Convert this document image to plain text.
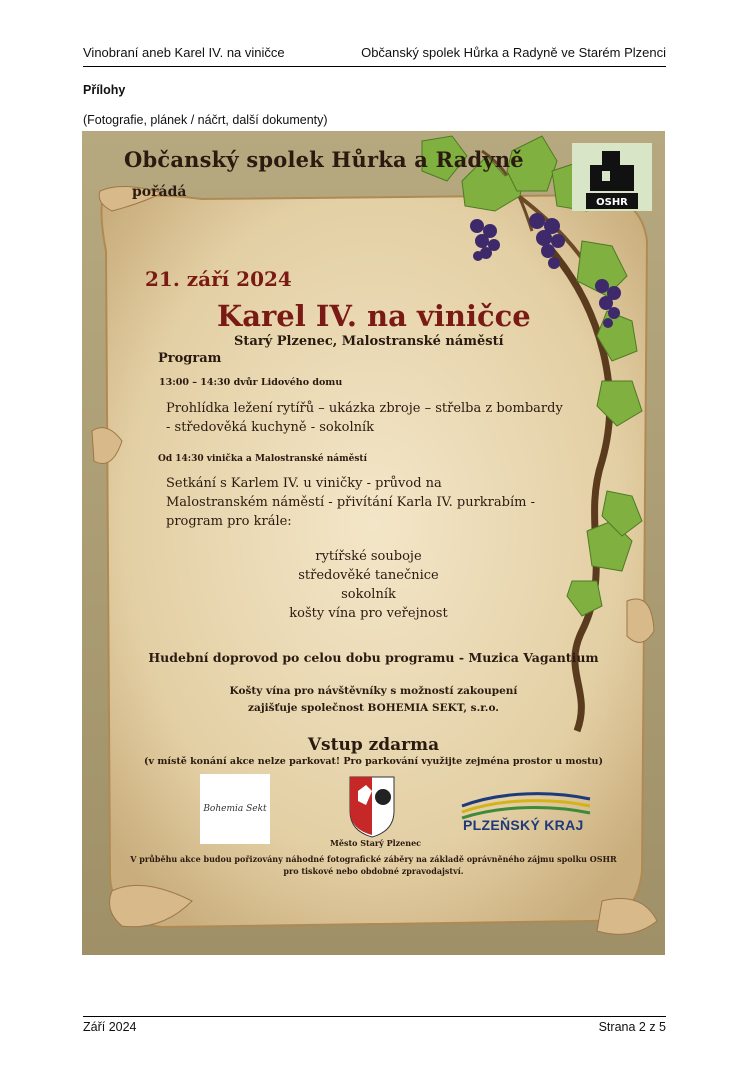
Vinobraní aneb Karel IV. na viničce	Občanský spolek Hůrka a Radyně ve Starém Plzenci
Přílohy
(Fotografie, plánek / náčrt, další dokumenty)
OSHR
Občanský spolek Hůrka a Radyně
pořádá
21. září 2024
Karel IV. na viničce
Starý Plzenec, Malostranské náměstí
Program
13:00 – 14:30 dvůr Lidového domu
Prohlídka ležení rytířů – ukázka zbroje – střelba z bombardy
- středověká kuchyně - sokolník
Od 14:30 vinička a Malostranské náměstí
Setkání s Karlem IV. u viničky - průvod na
Malostranském náměstí - přivítání Karla IV. purkrabím -
program pro krále:
rytířské souboje
středověké tanečnice
sokolník
košty vína pro veřejnost
Hudební doprovod po celou dobu programu - Muzica Vagantium
Košty vína pro návštěvníky s možností zakoupení
zajišťuje společnost BOHEMIA SEKT, s.r.o.
Vstup zdarma
(v místě konání akce nelze parkovat! Pro parkování využijte zejména prostor u mostu)
Bohemia Sekt
Město Starý Plzenec
PLZEŇSKÝ KRAJ
V průběhu akce budou pořizovány náhodné fotografické záběry na základě oprávněného zájmu spolku OSHR
pro tiskové nebo obdobné zpravodajství.
Září 2024	Strana 2 z 5
